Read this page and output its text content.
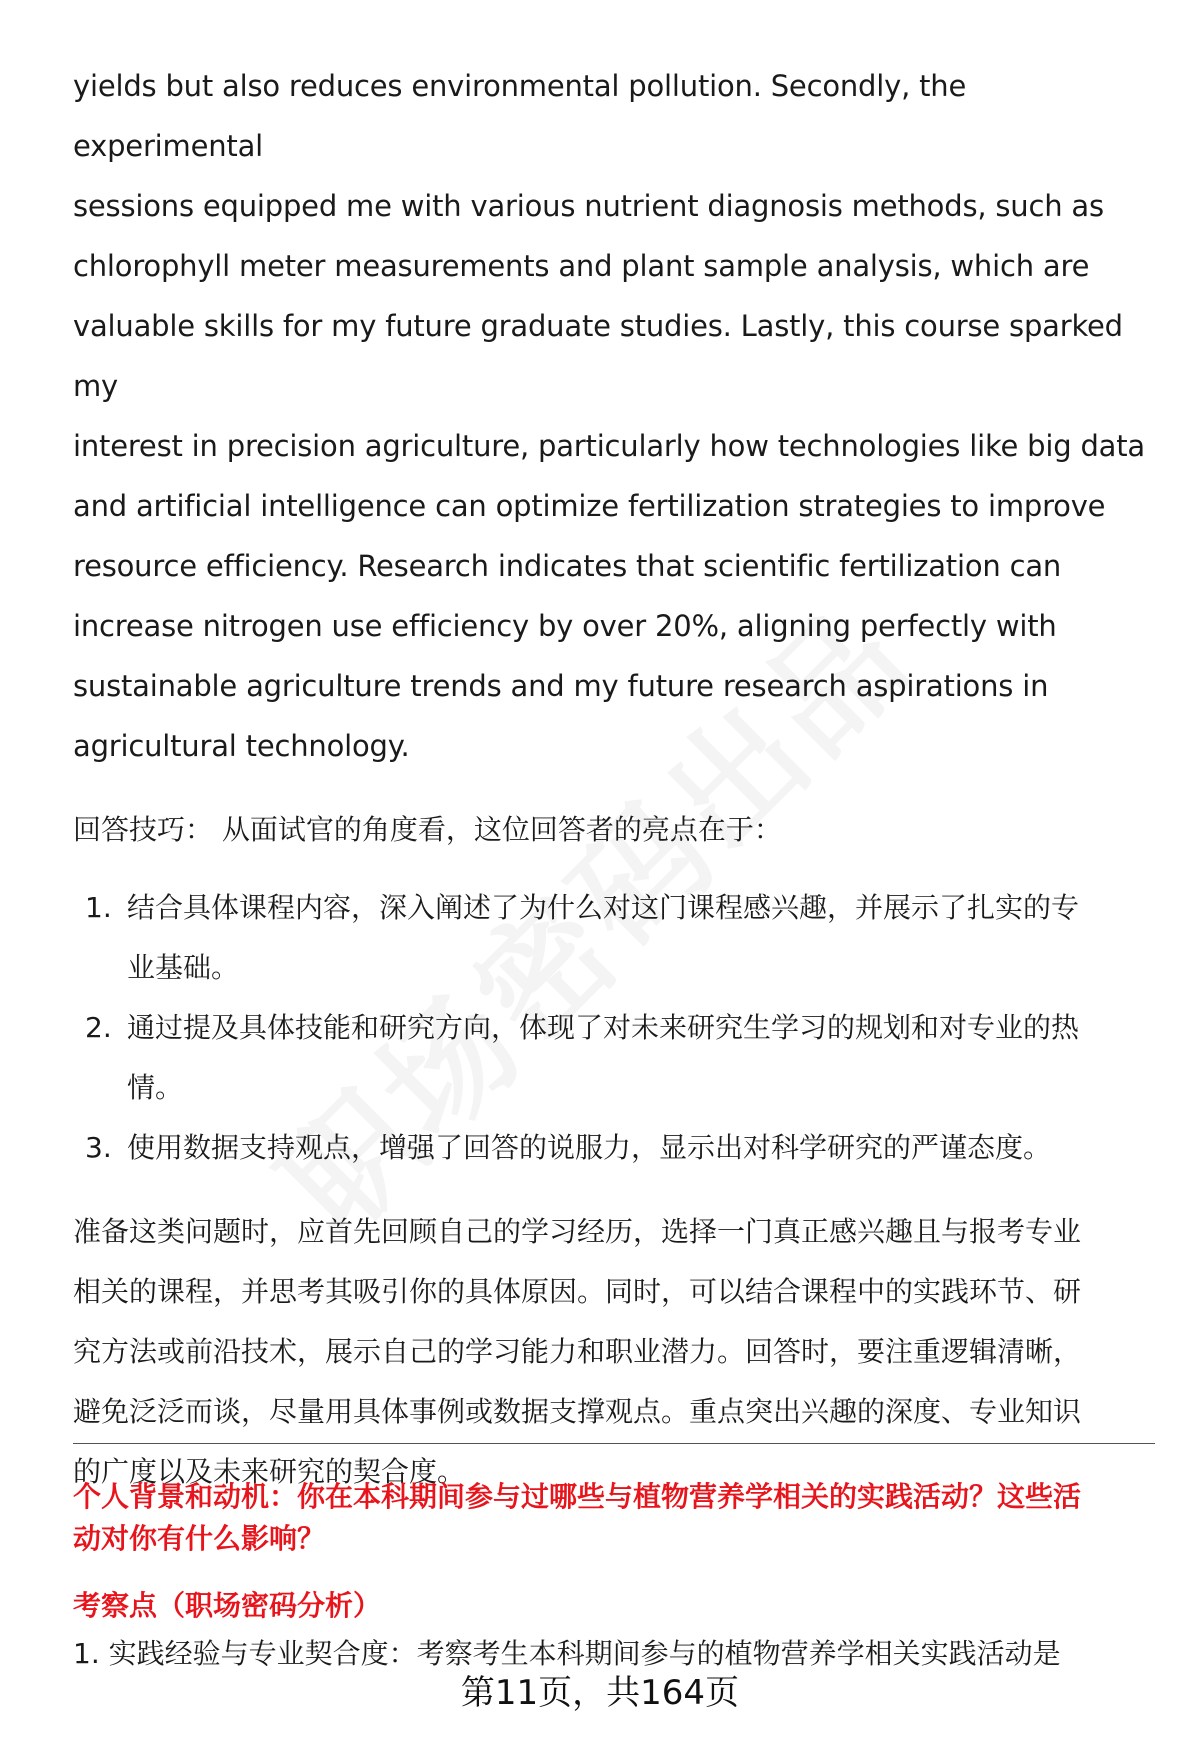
yields but also reduces environmental pollution. Secondly, the experimental

sessions equipped me with various nutrient diagnosis methods, such as

chlorophyll meter measurements and plant sample analysis, which are

valuable skills for my future graduate studies. Lastly, this course sparked my

interest in precision agriculture, particularly how technologies like big data

and artificial intelligence can optimize fertilization strategies to improve

resource efficiency. Research indicates that scientific fertilization can

increase nitrogen use efficiency by over 20%, aligning perfectly with

sustainable agriculture trends and my future research aspirations in

agricultural technology.

回答技巧： 从面试官的角度看，这位回答者的亮点在于：

1. 结合具体课程内容，深入阐述了为什么对这门课程感兴趣，并展示了扎实的专
业基础。
2. 通过提及具体技能和研究方向，体现了对未来研究生学习的规划和对专业的热
情。
3. 使用数据支持观点，增强了回答的说服力，显示出对科学研究的严谨态度。
准备这类问题时，应首先回顾自己的学习经历，选择一门真正感兴趣且与报考专业
相关的课程，并思考其吸引你的具体原因。同时，可以结合课程中的实践环节、研
究方法或前沿技术，展示自己的学习能力和职业潜力。回答时，要注重逻辑清晰，
避免泛泛而谈，尽量用具体事例或数据支撑观点。重点突出兴趣的深度、专业知识
的广度以及未来研究的契合度。
个人背景和动机：你在本科期间参与过哪些与植物营养学相关的实践活动？这些活
动对你有什么影响？

考察点（职场密码分析）

1. 实践经验与专业契合度：考察考生本科期间参与的植物营养学相关实践活动是
第11页，共164页
